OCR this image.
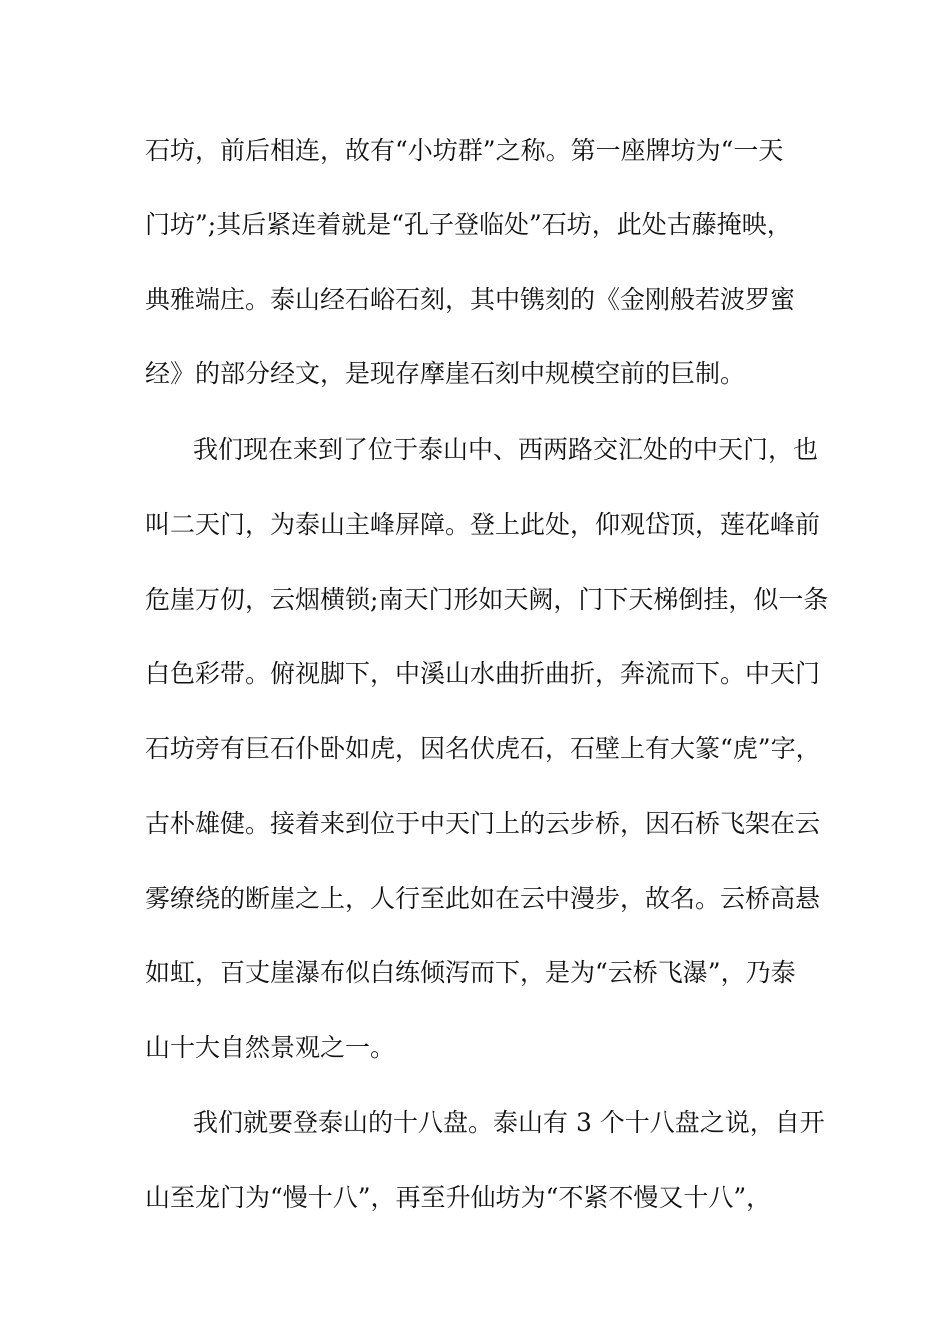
石坊，前后相连，故有“小坊群”之称。第一座牌坊为“一天
门坊”;其后紧连着就是“孔子登临处”石坊，此处古藤掩映，
典雅端庄。泰山经石峪石刻，其中镌刻的《金刚般若波罗蜜
经》的部分经文，是现存摩崖石刻中规模空前的巨制。
我们现在来到了位于泰山中、西两路交汇处的中天门，也
叫二天门，为泰山主峰屏障。登上此处，仰观岱顶，莲花峰前
危崖万仞，云烟横锁;南天门形如天阙，门下天梯倒挂，似一条
白色彩带。俯视脚下，中溪山水曲折曲折，奔流而下。中天门
石坊旁有巨石仆卧如虎，因名伏虎石，石壁上有大篆“虎”字，
古朴雄健。接着来到位于中天门上的云步桥，因石桥飞架在云
雾缭绕的断崖之上，人行至此如在云中漫步，故名。云桥高悬
如虹，百丈崖瀑布似白练倾泻而下，是为“云桥飞瀑”，乃泰
山十大自然景观之一。
我们就要登泰山的十八盘。泰山有 3 个十八盘之说，自开
山至龙门为“慢十八”，再至升仙坊为“不紧不慢又十八”，
